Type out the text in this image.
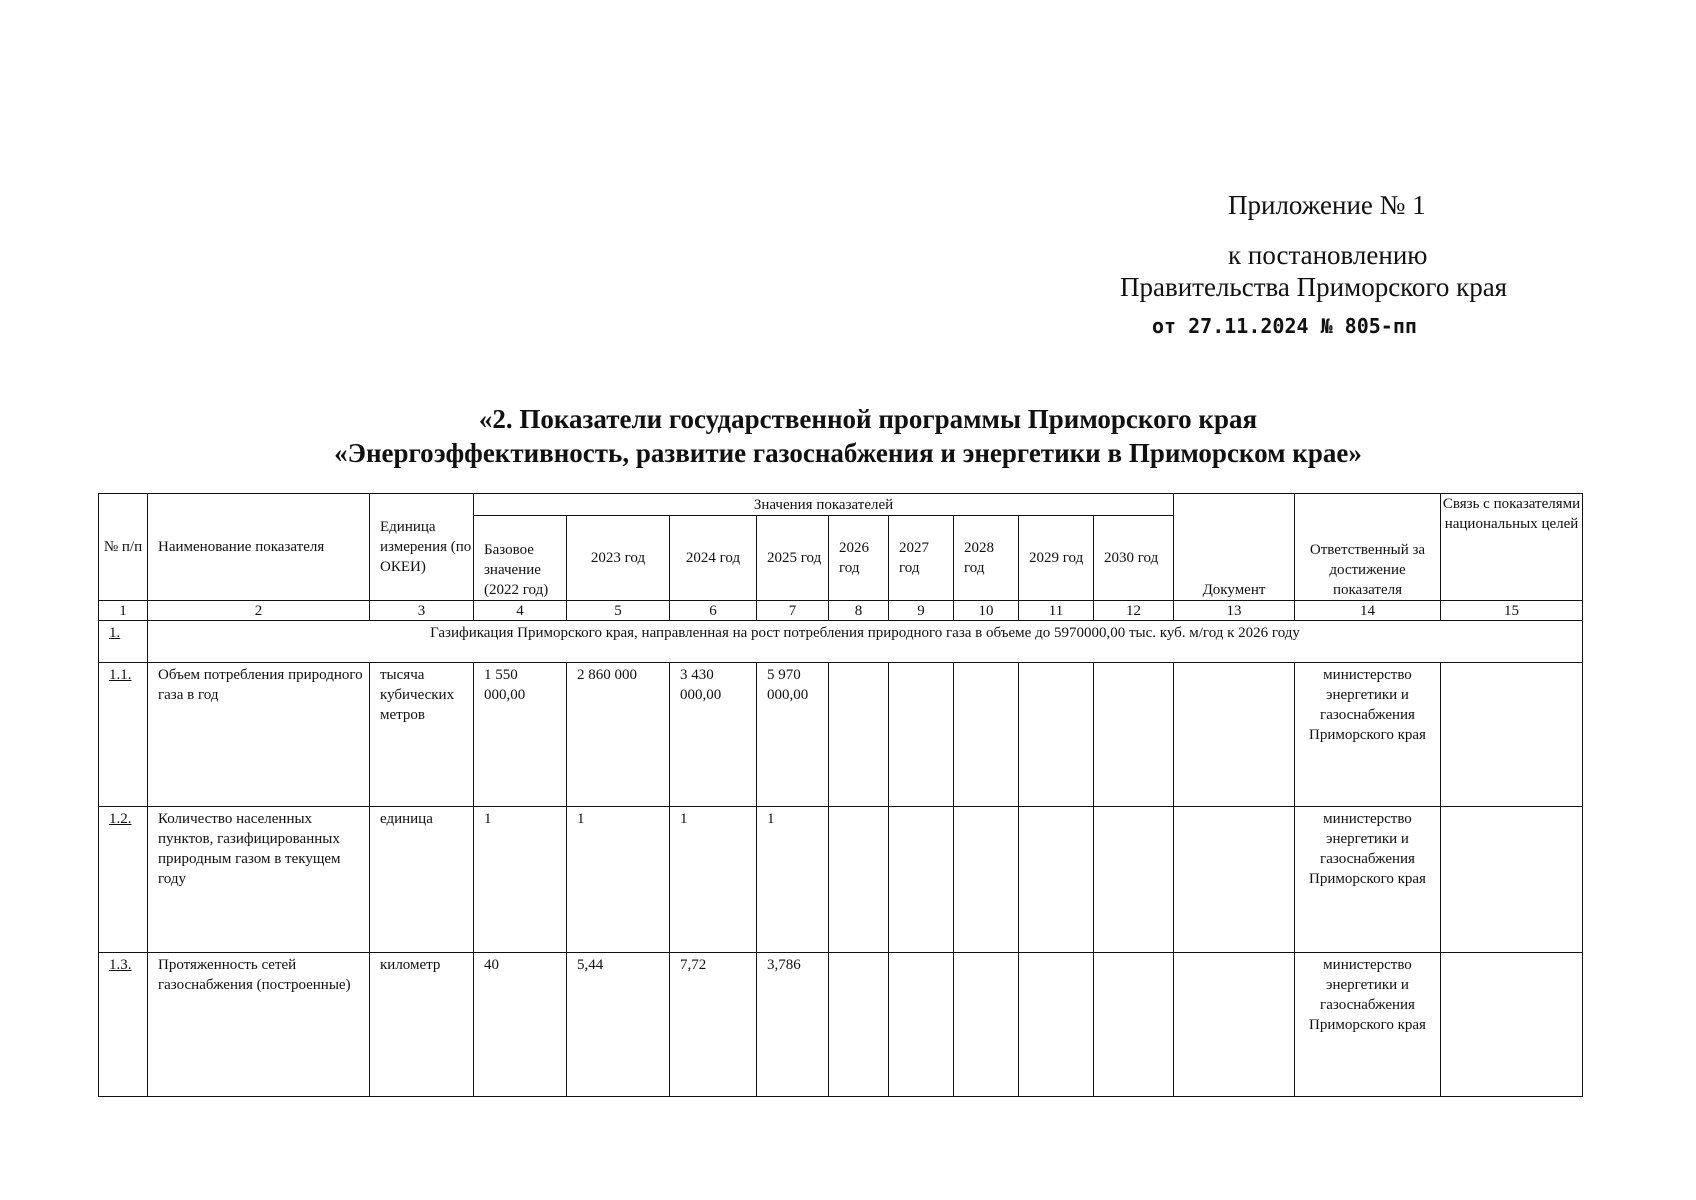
Приложение № 1
к постановлению
Правительства Приморского края
от 27.11.2024 № 805-пп
«2. Показатели государственной программы Приморского края
«Энергоэффективность, развитие газоснабжения и энергетики в Приморском крае»
№ п/п	Наименование показателя	Единица измерения (по ОКЕИ)	Значения показателей									Документ	Ответственный за достижение показателя	Связь с показателями национальных целей
			Базовое значение (2022 год)	2023 год	2024 год	2025 год	2026 год	2027 год	2028 год	2029 год	2030 год			
1	2	3	4	5	6	7	8	9	10	11	12	13	14	15
1.	Газификация Приморского края, направленная на рост потребления природного газа в объеме до 5970000,00 тыс. куб. м/год к 2026 году													
1.1.	Объем потребления природного газа в год	тысяча кубических метров	1 550 000,00	2 860 000	3 430 000,00	5 970 000,00							министерство энергетики и газоснабжения Приморского края	
1.2.	Количество населенных пунктов, газифицированных природным газом в текущем году	единица	1	1	1	1							министерство энергетики и газоснабжения Приморского края	
1.3.	Протяженность сетей газоснабжения (построенные)	километр	40	5,44	7,72	3,786							министерство энергетики и газоснабжения Приморского края	
